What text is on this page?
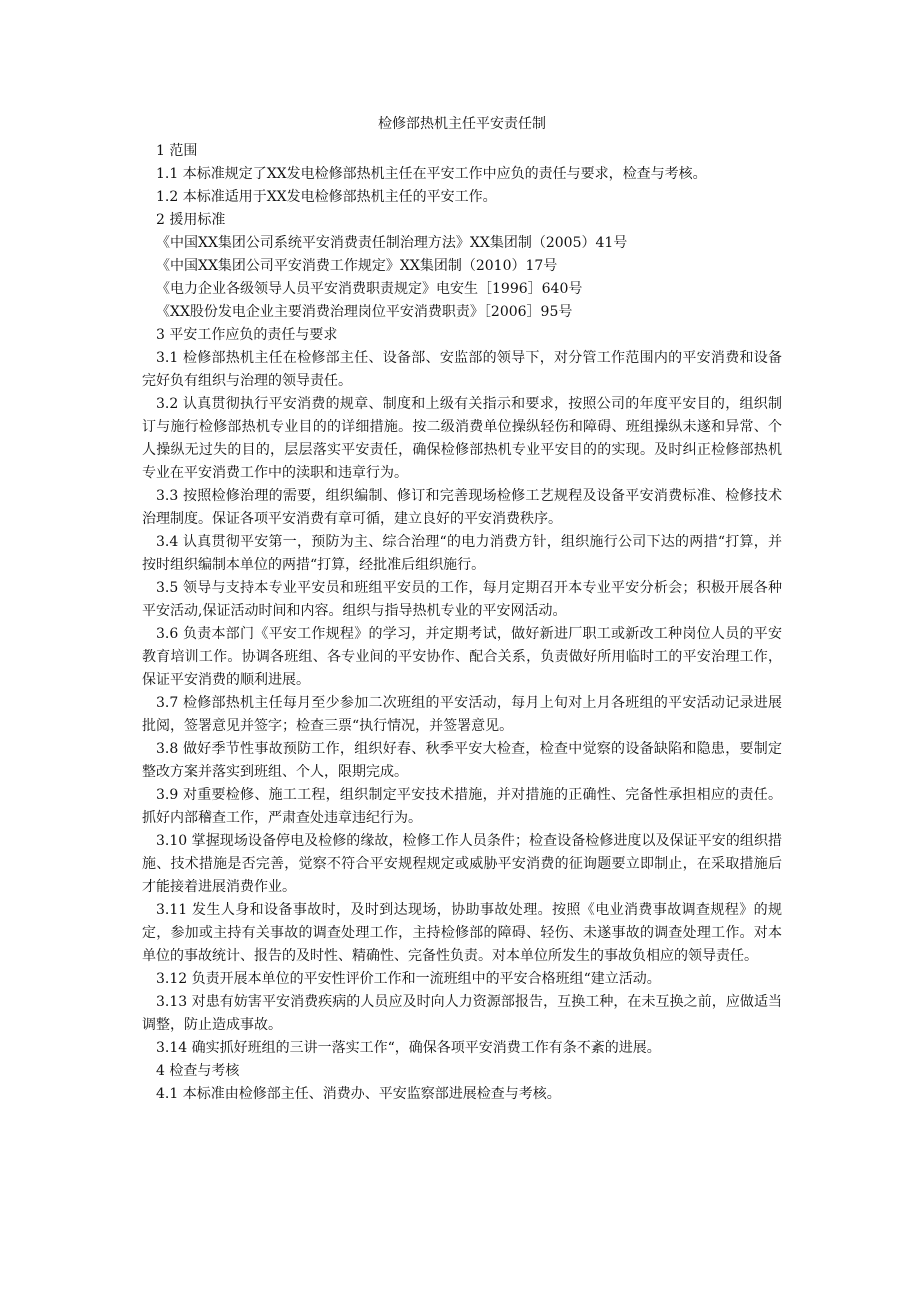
检修部热机主任平安责任制

1 范围

1.1 本标准规定了XX发电检修部热机主任在平安工作中应负的责任与要求，检查与考核。

1.2 本标准适用于XX发电检修部热机主任的平安工作。

2 援用标准

《中国XX集团公司系统平安消费责任制治理方法》XX集团制（2005）41号

《中国XX集团公司平安消费工作规定》XX集团制（2010）17号

《电力企业各级领导人员平安消费职责规定》电安生［1996］640号

《XX股份发电企业主要消费治理岗位平安消费职责》［2006］95号

3 平安工作应负的责任与要求

3.1 检修部热机主任在检修部主任、设备部、安监部的领导下，对分管工作范围内的平安消费和设备完好负有组织与治理的领导责任。

3.2 认真贯彻执行平安消费的规章、制度和上级有关指示和要求，按照公司的年度平安目的，组织制订与施行检修部热机专业目的的详细措施。按二级消费单位操纵轻伤和障碍、班组操纵未遂和异常、个人操纵无过失的目的，层层落实平安责任，确保检修部热机专业平安目的的实现。及时纠正检修部热机专业在平安消费工作中的渎职和违章行为。

3.3 按照检修治理的需要，组织编制、修订和完善现场检修工艺规程及设备平安消费标准、检修技术治理制度。保证各项平安消费有章可循，建立良好的平安消费秩序。

3.4 认真贯彻平安第一，预防为主、综合治理“的电力消费方针，组织施行公司下达的两措“打算，并按时组织编制本单位的两措“打算，经批准后组织施行。

3.5 领导与支持本专业平安员和班组平安员的工作，每月定期召开本专业平安分析会；积极开展各种平安活动,保证活动时间和内容。组织与指导热机专业的平安网活动。

3.6 负责本部门《平安工作规程》的学习，并定期考试，做好新进厂职工或新改工种岗位人员的平安教育培训工作。协调各班组、各专业间的平安协作、配合关系，负责做好所用临时工的平安治理工作，保证平安消费的顺利进展。

3.7 检修部热机主任每月至少参加二次班组的平安活动，每月上旬对上月各班组的平安活动记录进展批阅，签署意见并签字；检查三票“执行情况，并签署意见。

3.8 做好季节性事故预防工作，组织好春、秋季平安大检查，检查中觉察的设备缺陷和隐患，要制定整改方案并落实到班组、个人，限期完成。

3.9 对重要检修、施工工程，组织制定平安技术措施，并对措施的正确性、完备性承担相应的责任。抓好内部稽查工作，严肃查处违章违纪行为。

3.10 掌握现场设备停电及检修的缘故，检修工作人员条件；检查设备检修进度以及保证平安的组织措施、技术措施是否完善，觉察不符合平安规程规定或威胁平安消费的征询题要立即制止，在采取措施后才能接着进展消费作业。

3.11 发生人身和设备事故时，及时到达现场，协助事故处理。按照《电业消费事故调查规程》的规定，参加或主持有关事故的调查处理工作，主持检修部的障碍、轻伤、未遂事故的调查处理工作。对本单位的事故统计、报告的及时性、精确性、完备性负责。对本单位所发生的事故负相应的领导责任。

3.12 负责开展本单位的平安性评价工作和一流班组中的平安合格班组“建立活动。

3.13 对患有妨害平安消费疾病的人员应及时向人力资源部报告，互换工种，在未互换之前，应做适当调整，防止造成事故。

3.14 确实抓好班组的三讲一落实工作“，确保各项平安消费工作有条不紊的进展。

4 检查与考核

4.1 本标准由检修部主任、消费办、平安监察部进展检查与考核。
